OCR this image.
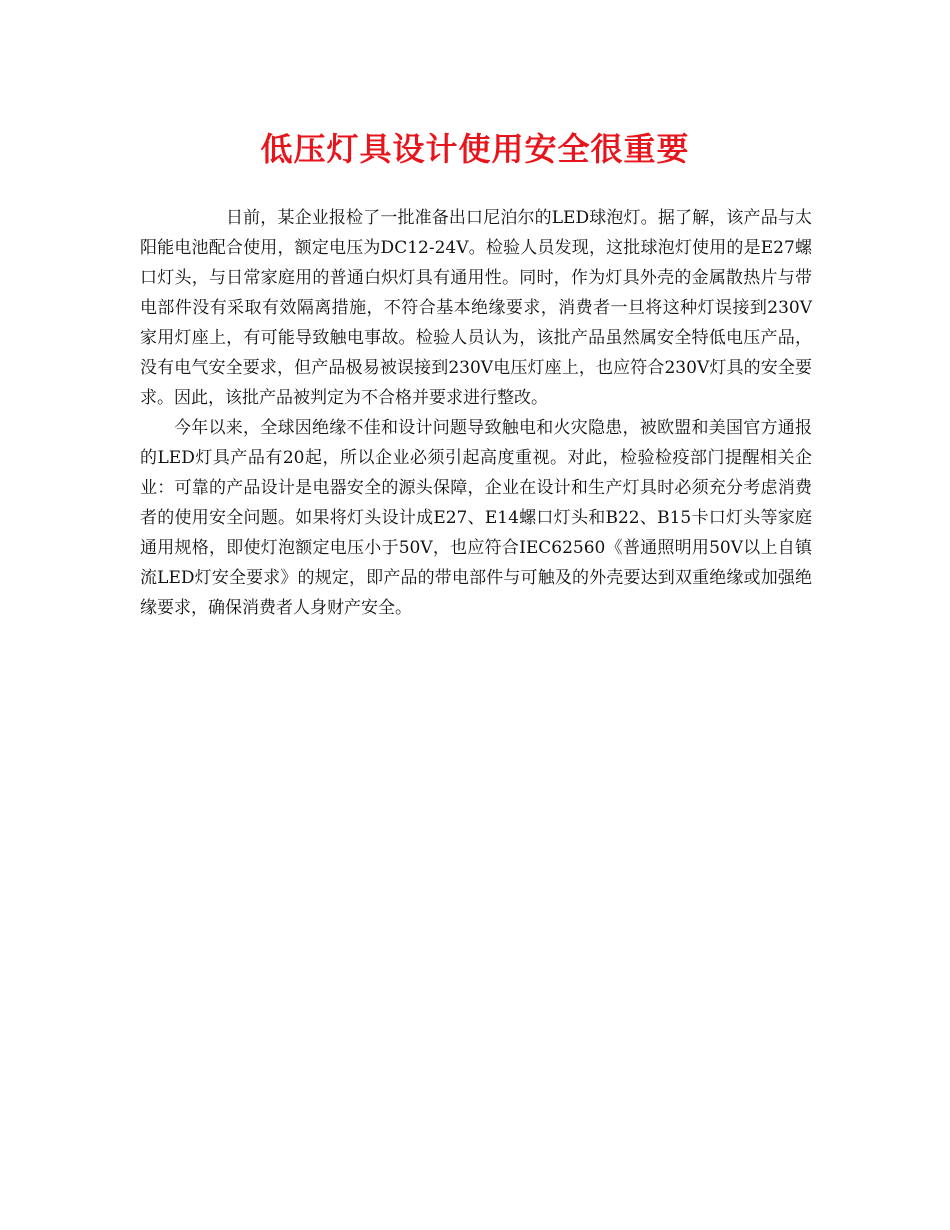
低压灯具设计使用安全很重要

日前，某企业报检了一批准备出口尼泊尔的LED球泡灯。据了解，该产品与太阳能电池配合使用，额定电压为DC12-24V。检验人员发现，这批球泡灯使用的是E27螺口灯头，与日常家庭用的普通白炽灯具有通用性。同时，作为灯具外壳的金属散热片与带电部件没有采取有效隔离措施，不符合基本绝缘要求，消费者一旦将这种灯误接到230V家用灯座上，有可能导致触电事故。检验人员认为，该批产品虽然属安全特低电压产品，没有电气安全要求，但产品极易被误接到230V电压灯座上，也应符合230V灯具的安全要求。因此，该批产品被判定为不合格并要求进行整改。

今年以来，全球因绝缘不佳和设计问题导致触电和火灾隐患，被欧盟和美国官方通报的LED灯具产品有20起，所以企业必须引起高度重视。对此，检验检疫部门提醒相关企业：可靠的产品设计是电器安全的源头保障，企业在设计和生产灯具时必须充分考虑消费者的使用安全问题。如果将灯头设计成E27、E14螺口灯头和B22、B15卡口灯头等家庭通用规格，即使灯泡额定电压小于50V，也应符合IEC62560《普通照明用50V以上自镇流LED灯安全要求》的规定，即产品的带电部件与可触及的外壳要达到双重绝缘或加强绝缘要求，确保消费者人身财产安全。
